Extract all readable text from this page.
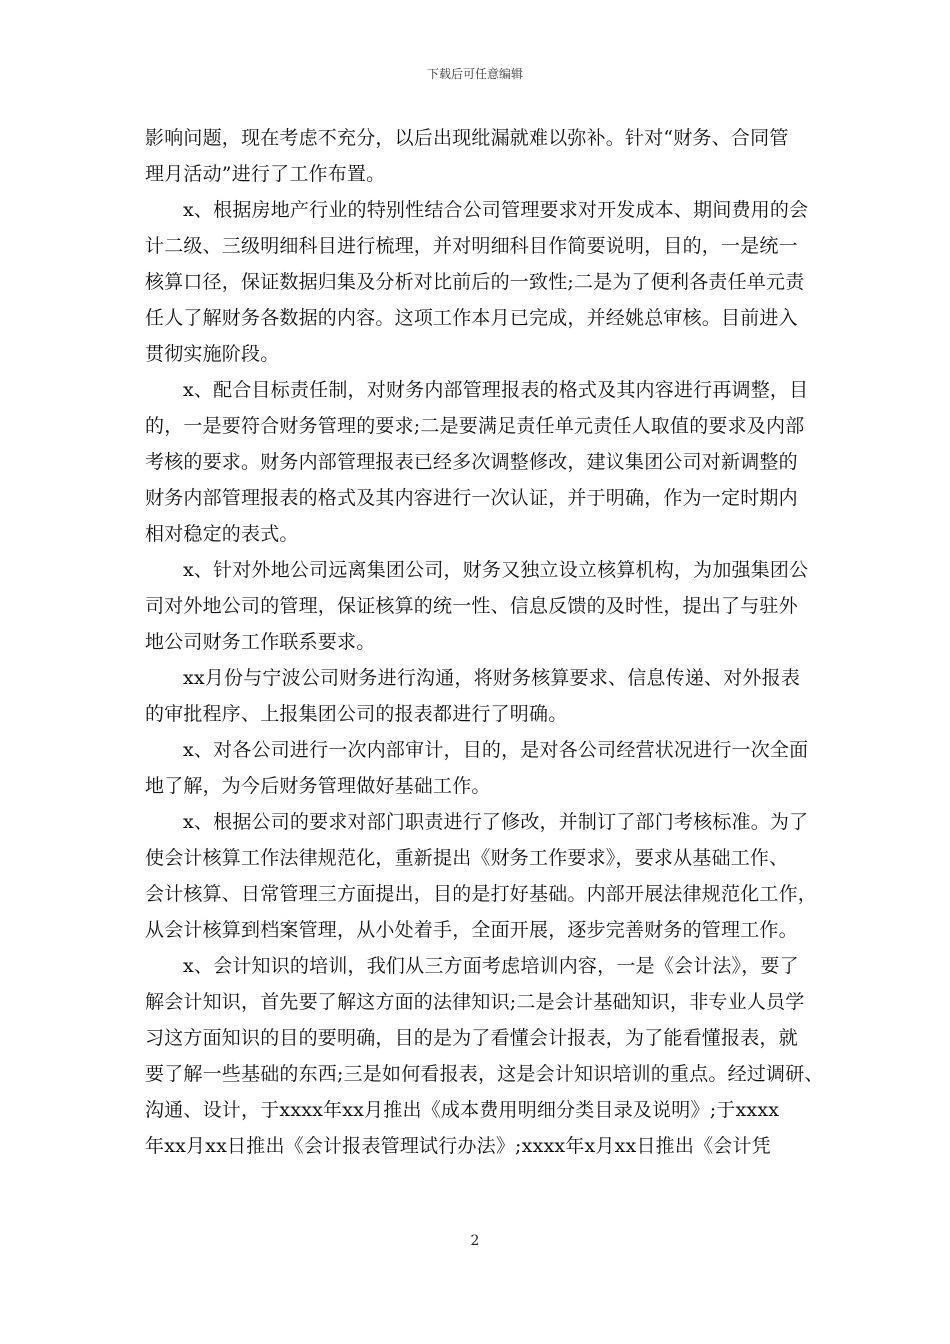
下载后可任意编辑
影响问题，现在考虑不充分，以后出现纰漏就难以弥补。针对“财务、合同管
理月活动”进行了工作布置。
x、根据房地产行业的特别性结合公司管理要求对开发成本、期间费用的会
计二级、三级明细科目进行梳理，并对明细科目作简要说明，目的，一是统一
核算口径，保证数据归集及分析对比前后的一致性;二是为了便利各责任单元责
任人了解财务各数据的内容。这项工作本月已完成，并经姚总审核。目前进入
贯彻实施阶段。
x、配合目标责任制，对财务内部管理报表的格式及其内容进行再调整，目
的，一是要符合财务管理的要求;二是要满足责任单元责任人取值的要求及内部
考核的要求。财务内部管理报表已经多次调整修改，建议集团公司对新调整的
财务内部管理报表的格式及其内容进行一次认证，并于明确，作为一定时期内
相对稳定的表式。
x、针对外地公司远离集团公司，财务又独立设立核算机构，为加强集团公
司对外地公司的管理，保证核算的统一性、信息反馈的及时性，提出了与驻外
地公司财务工作联系要求。
xx月份与宁波公司财务进行沟通，将财务核算要求、信息传递、对外报表
的审批程序、上报集团公司的报表都进行了明确。
x、对各公司进行一次内部审计，目的，是对各公司经营状况进行一次全面
地了解，为今后财务管理做好基础工作。
x、根据公司的要求对部门职责进行了修改，并制订了部门考核标准。为了
使会计核算工作法律规范化，重新提出《财务工作要求》，要求从基础工作、
会计核算、日常管理三方面提出，目的是打好基础。内部开展法律规范化工作，
从会计核算到档案管理，从小处着手，全面开展，逐步完善财务的管理工作。
x、会计知识的培训，我们从三方面考虑培训内容，一是《会计法》，要了
解会计知识，首先要了解这方面的法律知识;二是会计基础知识，非专业人员学
习这方面知识的目的要明确，目的是为了看懂会计报表，为了能看懂报表，就
要了解一些基础的东西;三是如何看报表，这是会计知识培训的重点。经过调研、
沟通、设计，于xxxx年xx月推出《成本费用明细分类目录及说明》;于xxxx
年xx月xx日推出《会计报表管理试行办法》;xxxx年x月xx日推出《会计凭
2
